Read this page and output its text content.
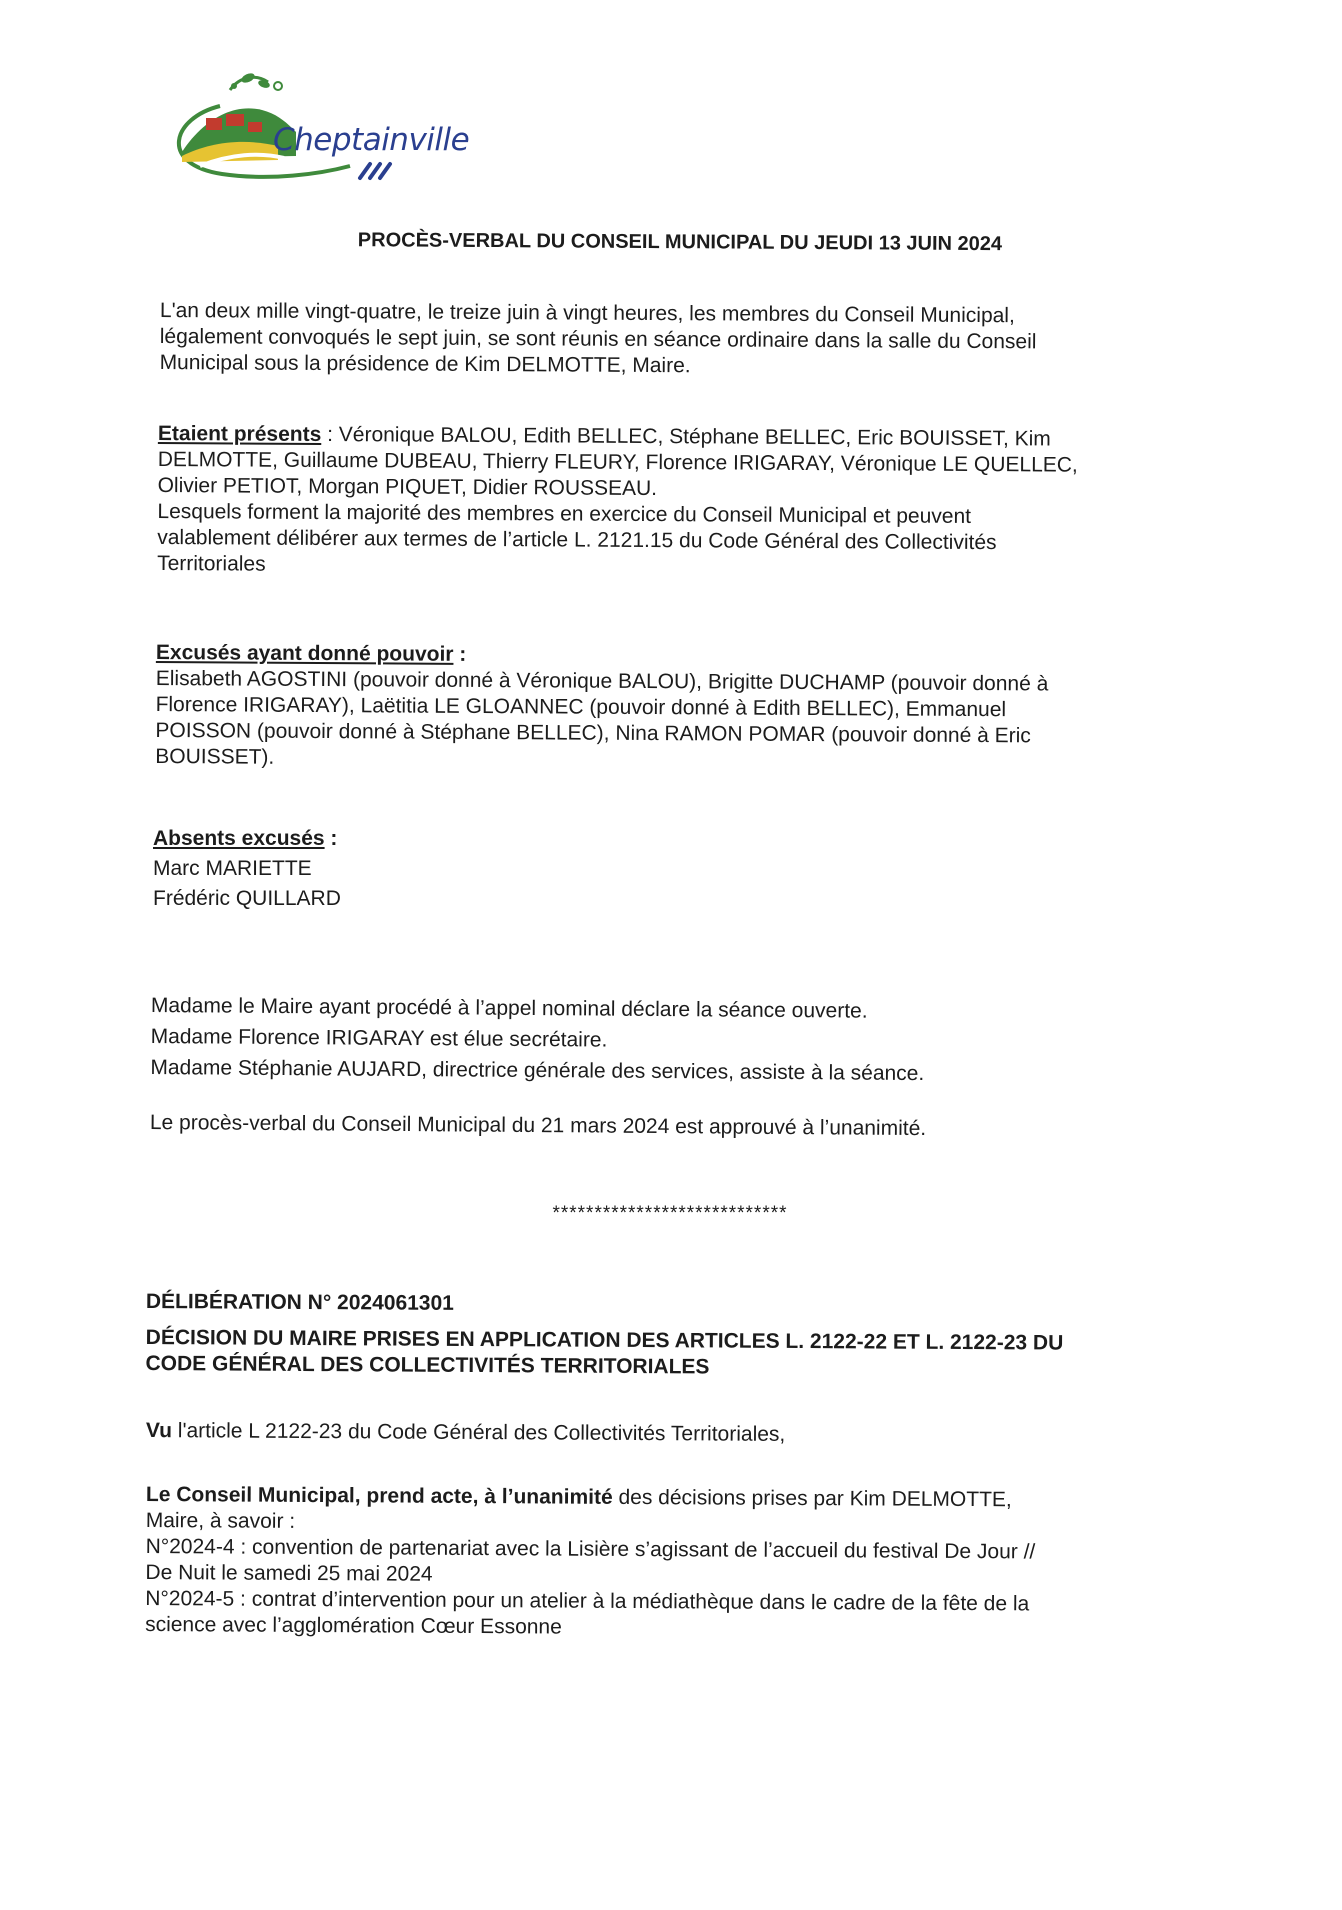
Cheptainville
PROCÈS-VERBAL DU CONSEIL MUNICIPAL DU JEUDI 13 JUIN 2024
L'an deux mille vingt-quatre, le treize juin à vingt heures, les membres du Conseil Municipal,
légalement convoqués le sept juin, se sont réunis en séance ordinaire dans la salle du Conseil
Municipal sous la présidence de Kim DELMOTTE, Maire.
Etaient présents : Véronique BALOU, Edith BELLEC, Stéphane BELLEC, Eric BOUISSET, Kim
DELMOTTE, Guillaume DUBEAU, Thierry FLEURY, Florence IRIGARAY, Véronique LE QUELLEC,
Olivier PETIOT, Morgan PIQUET, Didier ROUSSEAU.
Lesquels forment la majorité des membres en exercice du Conseil Municipal et peuvent
valablement délibérer aux termes de l’article L. 2121.15 du Code Général des Collectivités
Territoriales
Excusés ayant donné pouvoir :
Elisabeth AGOSTINI (pouvoir donné à Véronique BALOU), Brigitte DUCHAMP (pouvoir donné à
Florence IRIGARAY), Laëtitia LE GLOANNEC (pouvoir donné à Edith BELLEC), Emmanuel
POISSON (pouvoir donné à Stéphane BELLEC), Nina RAMON POMAR (pouvoir donné à Eric
BOUISSET).
Absents excusés :
Marc MARIETTE
Frédéric QUILLARD
Madame le Maire ayant procédé à l’appel nominal déclare la séance ouverte.
Madame Florence IRIGARAY est élue secrétaire.
Madame Stéphanie AUJARD, directrice générale des services, assiste à la séance.
Le procès-verbal du Conseil Municipal du 21 mars 2024 est approuvé à l’unanimité.
****************************
DÉLIBÉRATION N° 2024061301
DÉCISION DU MAIRE PRISES EN APPLICATION DES ARTICLES L. 2122-22 ET L. 2122-23 DU
CODE GÉNÉRAL DES COLLECTIVITÉS TERRITORIALES
Vu l'article L 2122-23 du Code Général des Collectivités Territoriales,
Le Conseil Municipal, prend acte, à l’unanimité des décisions prises par Kim DELMOTTE,
Maire, à savoir :
N°2024-4 : convention de partenariat avec la Lisière s’agissant de l’accueil du festival De Jour //
De Nuit le samedi 25 mai 2024
N°2024-5 : contrat d’intervention pour un atelier à la médiathèque dans le cadre de la fête de la
science avec l’agglomération Cœur Essonne
